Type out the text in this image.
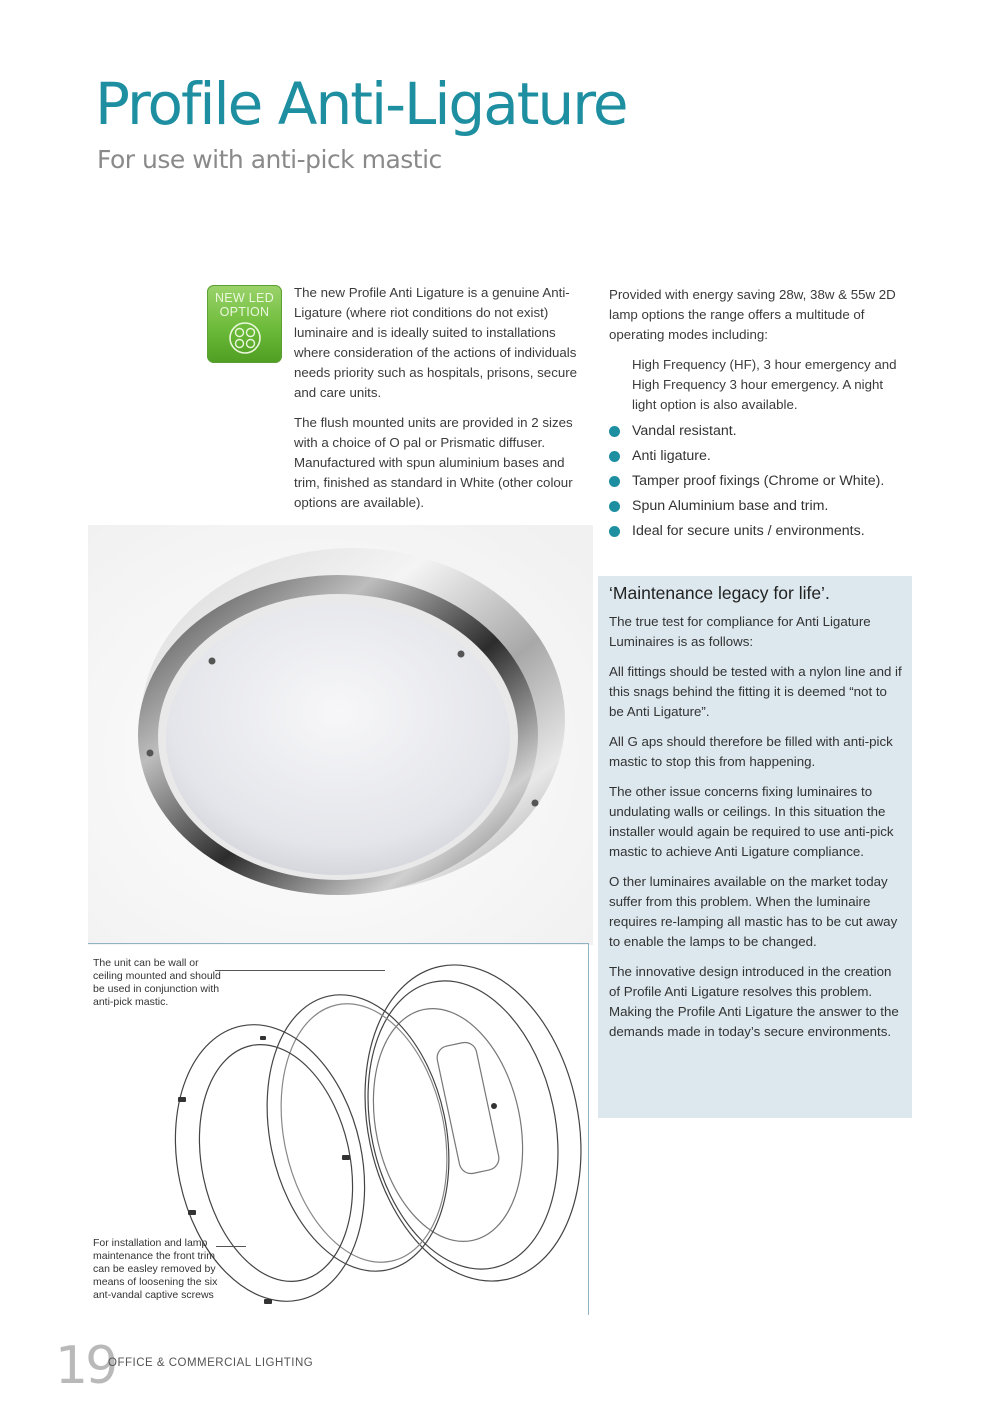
Profile Anti-Ligature
For use with anti-pick mastic
NEW LED
OPTION

The new Profile Anti Ligature is a genuine Anti-Ligature (where riot conditions do not exist) luminaire and is ideally suited to installations where consideration of the actions of individuals needs priority such as hospitals, prisons, secure and care units.

The flush mounted units are provided in 2 sizes with a choice of O pal or Prismatic diffuser. Manufactured with spun aluminium bases and trim, finished as standard in White (other colour options are available).

Provided with energy saving 28w, 38w & 55w 2D lamp options the range offers a multitude of operating modes including:

High Frequency (HF), 3 hour emergency and High Frequency 3 hour emergency. A night light option is also available.

Vandal resistant.
Anti ligature.
Tamper proof fixings (Chrome or White).
Spun Aluminium base and trim.
Ideal for secure units / environments.
‘Maintenance legacy for life’.

The true test for compliance for Anti Ligature Luminaires is as follows:

All fittings should be tested with a nylon line and if this snags behind the fitting it is deemed “not to be Anti Ligature”.

All G aps should therefore be filled with anti-pick mastic to stop this from happening.

The other issue concerns fixing luminaires to undulating walls or ceilings. In this situation the installer would again be required to use anti-pick mastic to achieve Anti Ligature compliance.

O ther luminaires available on the market today suffer from this problem. When the luminaire requires re-lamping all mastic has to be cut away to enable the lamps to be changed.

The innovative design introduced in the creation of Profile Anti Ligature resolves this problem. Making the Profile Anti Ligature the answer to the demands made in today’s secure environments.

The unit can be wall or ceiling mounted and should be used in conjunction with anti-pick mastic.
For installation and lamp maintenance the front trim can be easley removed by means of loosening the six ant-vandal captive screws
19
OFFICE & COMMERCIAL LIGHTING
